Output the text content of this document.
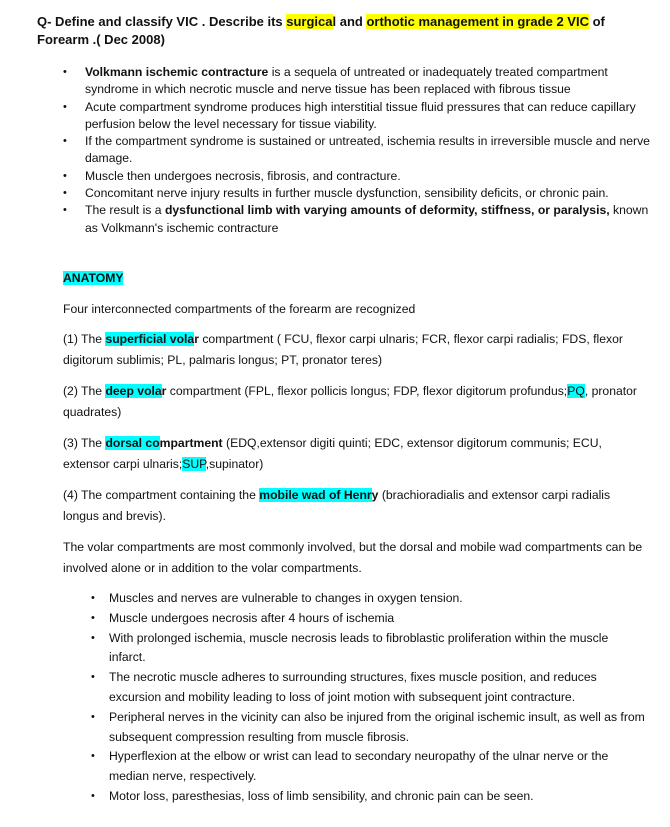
Q- Define and classify VIC . Describe its surgical and orthotic management in grade 2 VIC of Forearm .( Dec 2008)
• Volkmann ischemic contracture is a sequela of untreated or inadequately treated compartment syndrome in which necrotic muscle and nerve tissue has been replaced with fibrous tissue
• Acute compartment syndrome produces high interstitial tissue fluid pressures that can reduce capillary perfusion below the level necessary for tissue viability.
• If the compartment syndrome is sustained or untreated, ischemia results in irreversible muscle and nerve damage.
• Muscle then undergoes necrosis, fibrosis, and contracture.
• Concomitant nerve injury results in further muscle dysfunction, sensibility deficits, or chronic pain.
• The result is a dysfunctional limb with varying amounts of deformity, stiffness, or paralysis, known as Volkmann's ischemic contracture
ANATOMY
Four interconnected compartments of the forearm are recognized
(1) The superficial volar compartment ( FCU, flexor carpi ulnaris; FCR, flexor carpi radialis; FDS, flexor digitorum sublimis; PL, palmaris longus; PT, pronator teres)
(2) The deep volar compartment (FPL, flexor pollicis longus; FDP, flexor digitorum profundus;PQ, pronator quadrates)
(3) The dorsal compartment (EDQ,extensor digiti quinti; EDC, extensor digitorum communis; ECU, extensor carpi ulnaris;SUP,supinator)
(4) The compartment containing the mobile wad of Henry (brachioradialis and extensor carpi radialis longus and brevis).
The volar compartments are most commonly involved, but the dorsal and mobile wad compartments can be involved alone or in addition to the volar compartments.
• Muscles and nerves are vulnerable to changes in oxygen tension.
• Muscle undergoes necrosis after 4 hours of ischemia
• With prolonged ischemia, muscle necrosis leads to fibroblastic proliferation within the muscle infarct.
• The necrotic muscle adheres to surrounding structures, fixes muscle position, and reduces excursion and mobility leading to loss of joint motion with subsequent joint contracture.
• Peripheral nerves in the vicinity can also be injured from the original ischemic insult, as well as from subsequent compression resulting from muscle fibrosis.
• Hyperflexion at the elbow or wrist can lead to secondary neuropathy of the ulnar nerve or the median nerve, respectively.
• Motor loss, paresthesias, loss of limb sensibility, and chronic pain can be seen.
